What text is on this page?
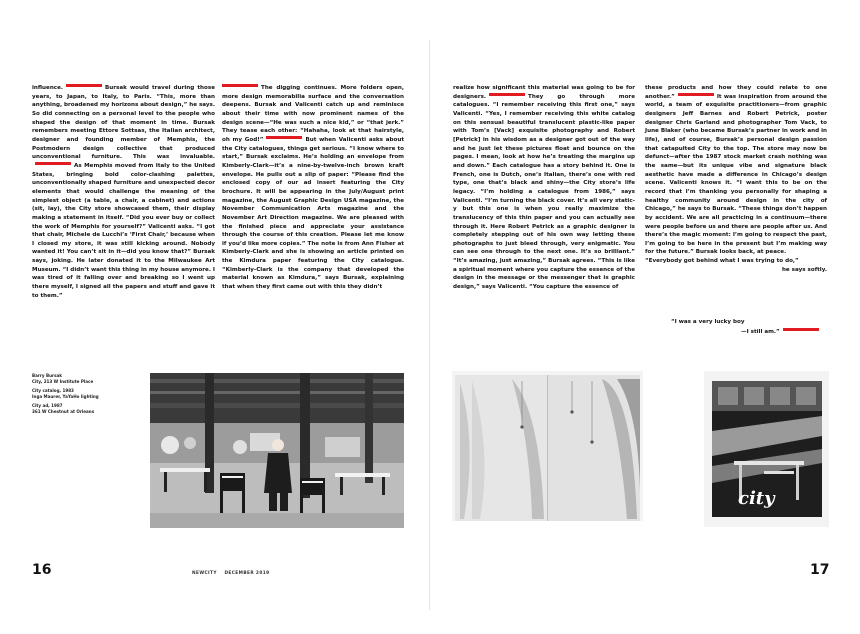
influence.	Bursak would travel during those years, to Japan, to Italy, to Paris. “This, more than anything, broadened my horizons about design,” he says. So did connecting on a personal level to the people who shaped the design of that moment in time. Bursak remembers meeting Ettore Sottsas, the Italian architect, designer and founding member of Memphis, the Postmodern design collective that produced unconventional furniture. This was invaluable.As Memphis moved from Italy to the United States, bringing bold color-clashing palettes, unconventionally shaped furniture and unexpected decor elements that would challenge the meaning of the simplest object (a table, a chair, a cabinet) and actions (sit, lay), the City store showcased them, their display making a statement in itself. “Did you ever buy or collect the work of Memphis for yourself?” Valicenti asks. “I got that chair, Michele de Lucchi’s ‘First Chair,’ because when I closed my store, it was still kicking around. Nobody wanted it! You can’t sit in it—did you know that?” Bursak says, joking. He later donated it to the Milwaukee Art Museum. “I didn’t want this thing in my house anymore. I was tired of it falling over and breaking so I went up there myself, I signed all the papers and stuff and gave it to them.”

The digging continues. More folders open, more design memorabilia surface and the conversation deepens. Bursak and Valicenti catch up and reminisce about their time with now prominent names of the design scene—“He was such a nice kid,” or “that jerk.” They tease each other: “Hahaha, look at that hairstyle, oh my God!”	But when Valicenti asks about the City catalogues, things get serious. “I know where to start,” Bursak exclaims. He’s holding an envelope from Kimberly-Clark—it’s a nine-by-twelve-inch brown kraft envelope. He pulls out a slip of paper: “Please find the enclosed copy of our ad insert featuring the City brochure. It will be appearing in the July/August print magazine, the August Graphic Design USA magazine, the November Communication Arts magazine and the November Art Direction magazine. We are pleased with the finished piece and appreciate your assistance through the course of this creation. Please let me know if you’d like more copies.” The note is from Ann Fisher at Kimberly-Clark and she is showing an article printed on the Kimdura paper featuring the City catalogue. “Kimberly-Clark is the company that developed the material known as Kimdura,” says Bursak, explaining that when they first came out with this they didn’t

Barry Bursak
City, 213 W Institute Place
City catalog, 1983
Inga Maurer, YaYaHo lighting
City ad, 1987
361 W Chestnut at Orleans
16	NEWCITY    DECEMBER 2019

realize how significant this material was going to be for designers.	They go through more catalogues. “I remember receiving this first one,” says Valicenti. “Yes, I remember receiving this white catalog on this sensual beautiful translucent plastic-like paper with Tom’s [Vack] exquisite photography and Robert [Petrick] in his wisdom as a designer got out of the way and he just let these pictures float and bounce on the pages. I mean, look at how he’s treating the margins up and down.” Each catalogue has a story behind it. One is French, one is Dutch, one’s Italian, there’s one with red type, one that’s black and shiny—the City store’s life legacy. “I’m holding a catalogue from 1986,” says Valicenti. “I’m turning the black cover. It’s all very static-y but this one is when you really maximize the translucency of this thin paper and you can actually see through it. Here Robert Petrick as a graphic designer is completely stepping out of his own way letting these photographs to just bleed through, very enigmatic. You can see one through to the next one. It’s so brilliant.” “It’s amazing, just amazing,” Bursak agrees. “This is like a spiritual moment where you capture the essence of the design in the message or the messenger that is graphic design,” says Valicenti. “You capture the essence of

these products and how they could relate to one another.”	It was inspiration from around the world, a team of exquisite practitioners—from graphic designers Jeff Barnes and Robert Petrick, poster designer Chris Garland and photographer Tom Vack, to June Blaker (who became Bursak’s partner in work and in life), and of course, Bursak’s personal design passion that catapulted City to the top. The store may now be defunct—after the 1987 stock market crash nothing was the same—but its unique vibe and signature black aesthetic have made a difference in Chicago’s design scene. Valicenti knows it. “I want this to be on the record that I’m thanking you personally for shaping a healthy community around design in the city of Chicago,” he says to Bursak. “These things don’t happen by accident. We are all practicing in a continuum—there were people before us and there are people after us. And there’s the magic moment: I’m going to respect the past, I’m going to be here in the present but I’m making way for the future.” Bursak looks back, at peace.

“Everybody got behind what I was trying to do,”

he says softly.

“I was a very lucky boy
—I still am.”
city
17
